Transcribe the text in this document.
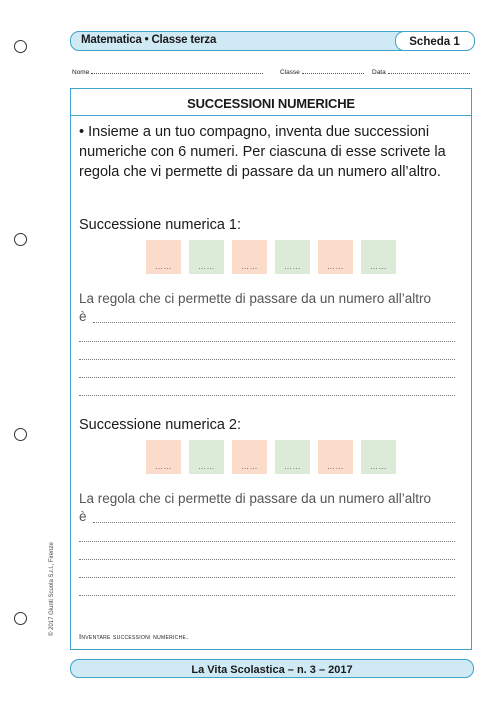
Matematica • Classe terza	Scheda 1
Nome	Classe	Data
SUCCESSIONI NUMERICHE
• Insieme a un tuo compagno, inventa due successioni numeriche con 6 numeri. Per ciascuna di esse scrivete la regola che vi permette di passare da un numero all’altro.
Successione numerica 1:
……	……	……	……	……	……
La regola che ci permette di passare da un numero all’altro
è
Successione numerica 2:
……	……	……	……	……	……
La regola che ci permette di passare da un numero all’altro
è
Inventare successioni numeriche.
© 2017 Giunti Scuola S.r.l., Firenze
La Vita Scolastica – n. 3 – 2017
